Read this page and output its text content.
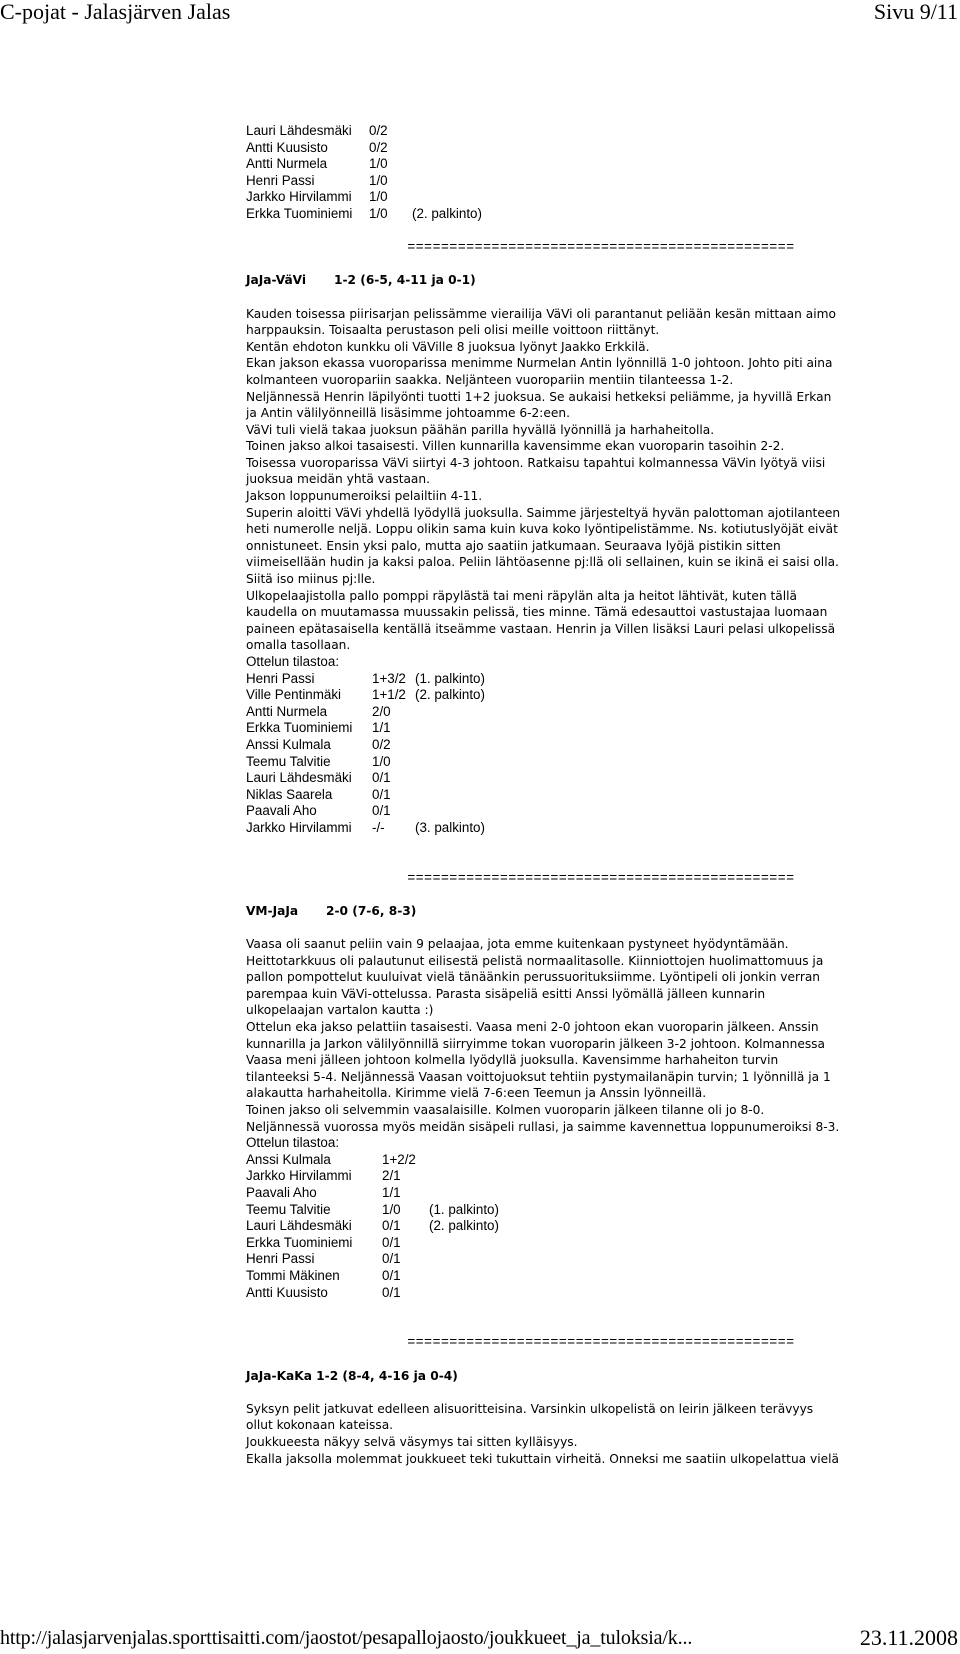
C-pojat - Jalasjärven Jalas	Sivu 9/11
Lauri Lähdesmäki	0/2
Antti Kuusisto	0/2
Antti Nurmela	1/0
Henri Passi	1/0
Jarkko Hirvilammi	1/0
Erkka Tuominiemi	1/0	(2. palkinto)
==============================================
JaJa-VäVi	1-2 (6-5, 4-11 ja 0-1)
Kauden toisessa piirisarjan pelissämme vierailija VäVi oli parantanut peliään kesän mittaan aimo
harppauksin. Toisaalta perustason peli olisi meille voittoon riittänyt.
Kentän ehdoton kunkku oli VäVille 8 juoksua lyönyt Jaakko Erkkilä.
Ekan jakson ekassa vuoroparissa menimme Nurmelan Antin lyönnillä 1-0 johtoon. Johto piti aina
kolmanteen vuoropariin saakka. Neljänteen vuoropariin mentiin tilanteessa 1-2.
Neljännessä Henrin läpilyönti tuotti 1+2 juoksua. Se aukaisi hetkeksi peliämme, ja hyvillä Erkan
ja Antin välilyönneillä lisäsimme johtoamme 6-2:een.
VäVi tuli vielä takaa juoksun päähän parilla hyvällä lyönnillä ja harhaheitolla.
Toinen jakso alkoi tasaisesti. Villen kunnarilla kavensimme ekan vuoroparin tasoihin 2-2.
Toisessa vuoroparissa VäVi siirtyi 4-3 johtoon. Ratkaisu tapahtui kolmannessa VäVin lyötyä viisi
juoksua meidän yhtä vastaan.
Jakson loppunumeroiksi pelailtiin 4-11.
Superin aloitti VäVi yhdellä lyödyllä juoksulla. Saimme järjesteltyä hyvän palottoman ajotilanteen
heti numerolle neljä. Loppu olikin sama kuin kuva koko lyöntipelistämme. Ns. kotiutuslyöjät eivät
onnistuneet. Ensin yksi palo, mutta ajo saatiin jatkumaan. Seuraava lyöjä pistikin sitten
viimeisellään hudin ja kaksi paloa. Peliin lähtöasenne pj:llä oli sellainen, kuin se ikinä ei saisi olla.
Siitä iso miinus pj:lle.
Ulkopelaajistolla pallo pomppi räpylästä tai meni räpylän alta ja heitot lähtivät, kuten tällä
kaudella on muutamassa muussakin pelissä, ties minne. Tämä edesauttoi vastustajaa luomaan
paineen epätasaisella kentällä itseämme vastaan. Henrin ja Villen lisäksi Lauri pelasi ulkopelissä
omalla tasollaan.
Ottelun tilastoa:
Henri Passi	1+3/2 (1. palkinto)
Ville Pentinmäki	1+1/2 (2. palkinto)
Antti Nurmela	2/0
Erkka Tuominiemi	1/1
Anssi Kulmala	0/2
Teemu Talvitie	1/0
Lauri Lähdesmäki	0/1
Niklas Saarela	0/1
Paavali Aho	0/1
Jarkko Hirvilammi	-/-	(3. palkinto)
==============================================
VM-JaJa	2-0 (7-6, 8-3)
Vaasa oli saanut peliin vain 9 pelaajaa, jota emme kuitenkaan pystyneet hyödyntämään.
Heittotarkkuus oli palautunut eilisestä pelistä normaalitasolle. Kiinniottojen huolimattomuus ja
pallon pompottelut kuuluivat vielä tänäänkin perussuorituksiimme. Lyöntipeli oli jonkin verran
parempaa kuin VäVi-ottelussa. Parasta sisäpeliä esitti Anssi lyömällä jälleen kunnarin
ulkopelaajan vartalon kautta :)
Ottelun eka jakso pelattiin tasaisesti. Vaasa meni 2-0 johtoon ekan vuoroparin jälkeen. Anssin
kunnarilla ja Jarkon välilyönnillä siirryimme tokan vuoroparin jälkeen 3-2 johtoon. Kolmannessa
Vaasa meni jälleen johtoon kolmella lyödyllä juoksulla. Kavensimme harhaheiton turvin
tilanteeksi 5-4. Neljännessä Vaasan voittojuoksut tehtiin pystymailanäpin turvin; 1 lyönnillä ja 1
alakautta harhaheitolla. Kirimme vielä 7-6:een Teemun ja Anssin lyönneillä.
Toinen jakso oli selvemmin vaasalaisille. Kolmen vuoroparin jälkeen tilanne oli jo 8-0.
Neljännessä vuorossa myös meidän sisäpeli rullasi, ja saimme kavennettua loppunumeroiksi 8-3.
Ottelun tilastoa:
Anssi Kulmala	1+2/2
Jarkko Hirvilammi	2/1
Paavali Aho	1/1
Teemu Talvitie	1/0	(1. palkinto)
Lauri Lähdesmäki	0/1	(2. palkinto)
Erkka Tuominiemi	0/1
Henri Passi	0/1
Tommi Mäkinen	0/1
Antti Kuusisto	0/1
==============================================
JaJa-KaKa 1-2 (8-4, 4-16 ja 0-4)
Syksyn pelit jatkuvat edelleen alisuoritteisina. Varsinkin ulkopelistä on leirin jälkeen terävyys
ollut kokonaan kateissa.
Joukkueesta näkyy selvä väsymys tai sitten kylläisyys.
Ekalla jaksolla molemmat joukkueet teki tukuttain virheitä. Onneksi me saatiin ulkopelattua vielä
http://jalasjarvenjalas.sporttisaitti.com/jaostot/pesapallojaosto/joukkueet_ja_tuloksia/k...	23.11.2008
